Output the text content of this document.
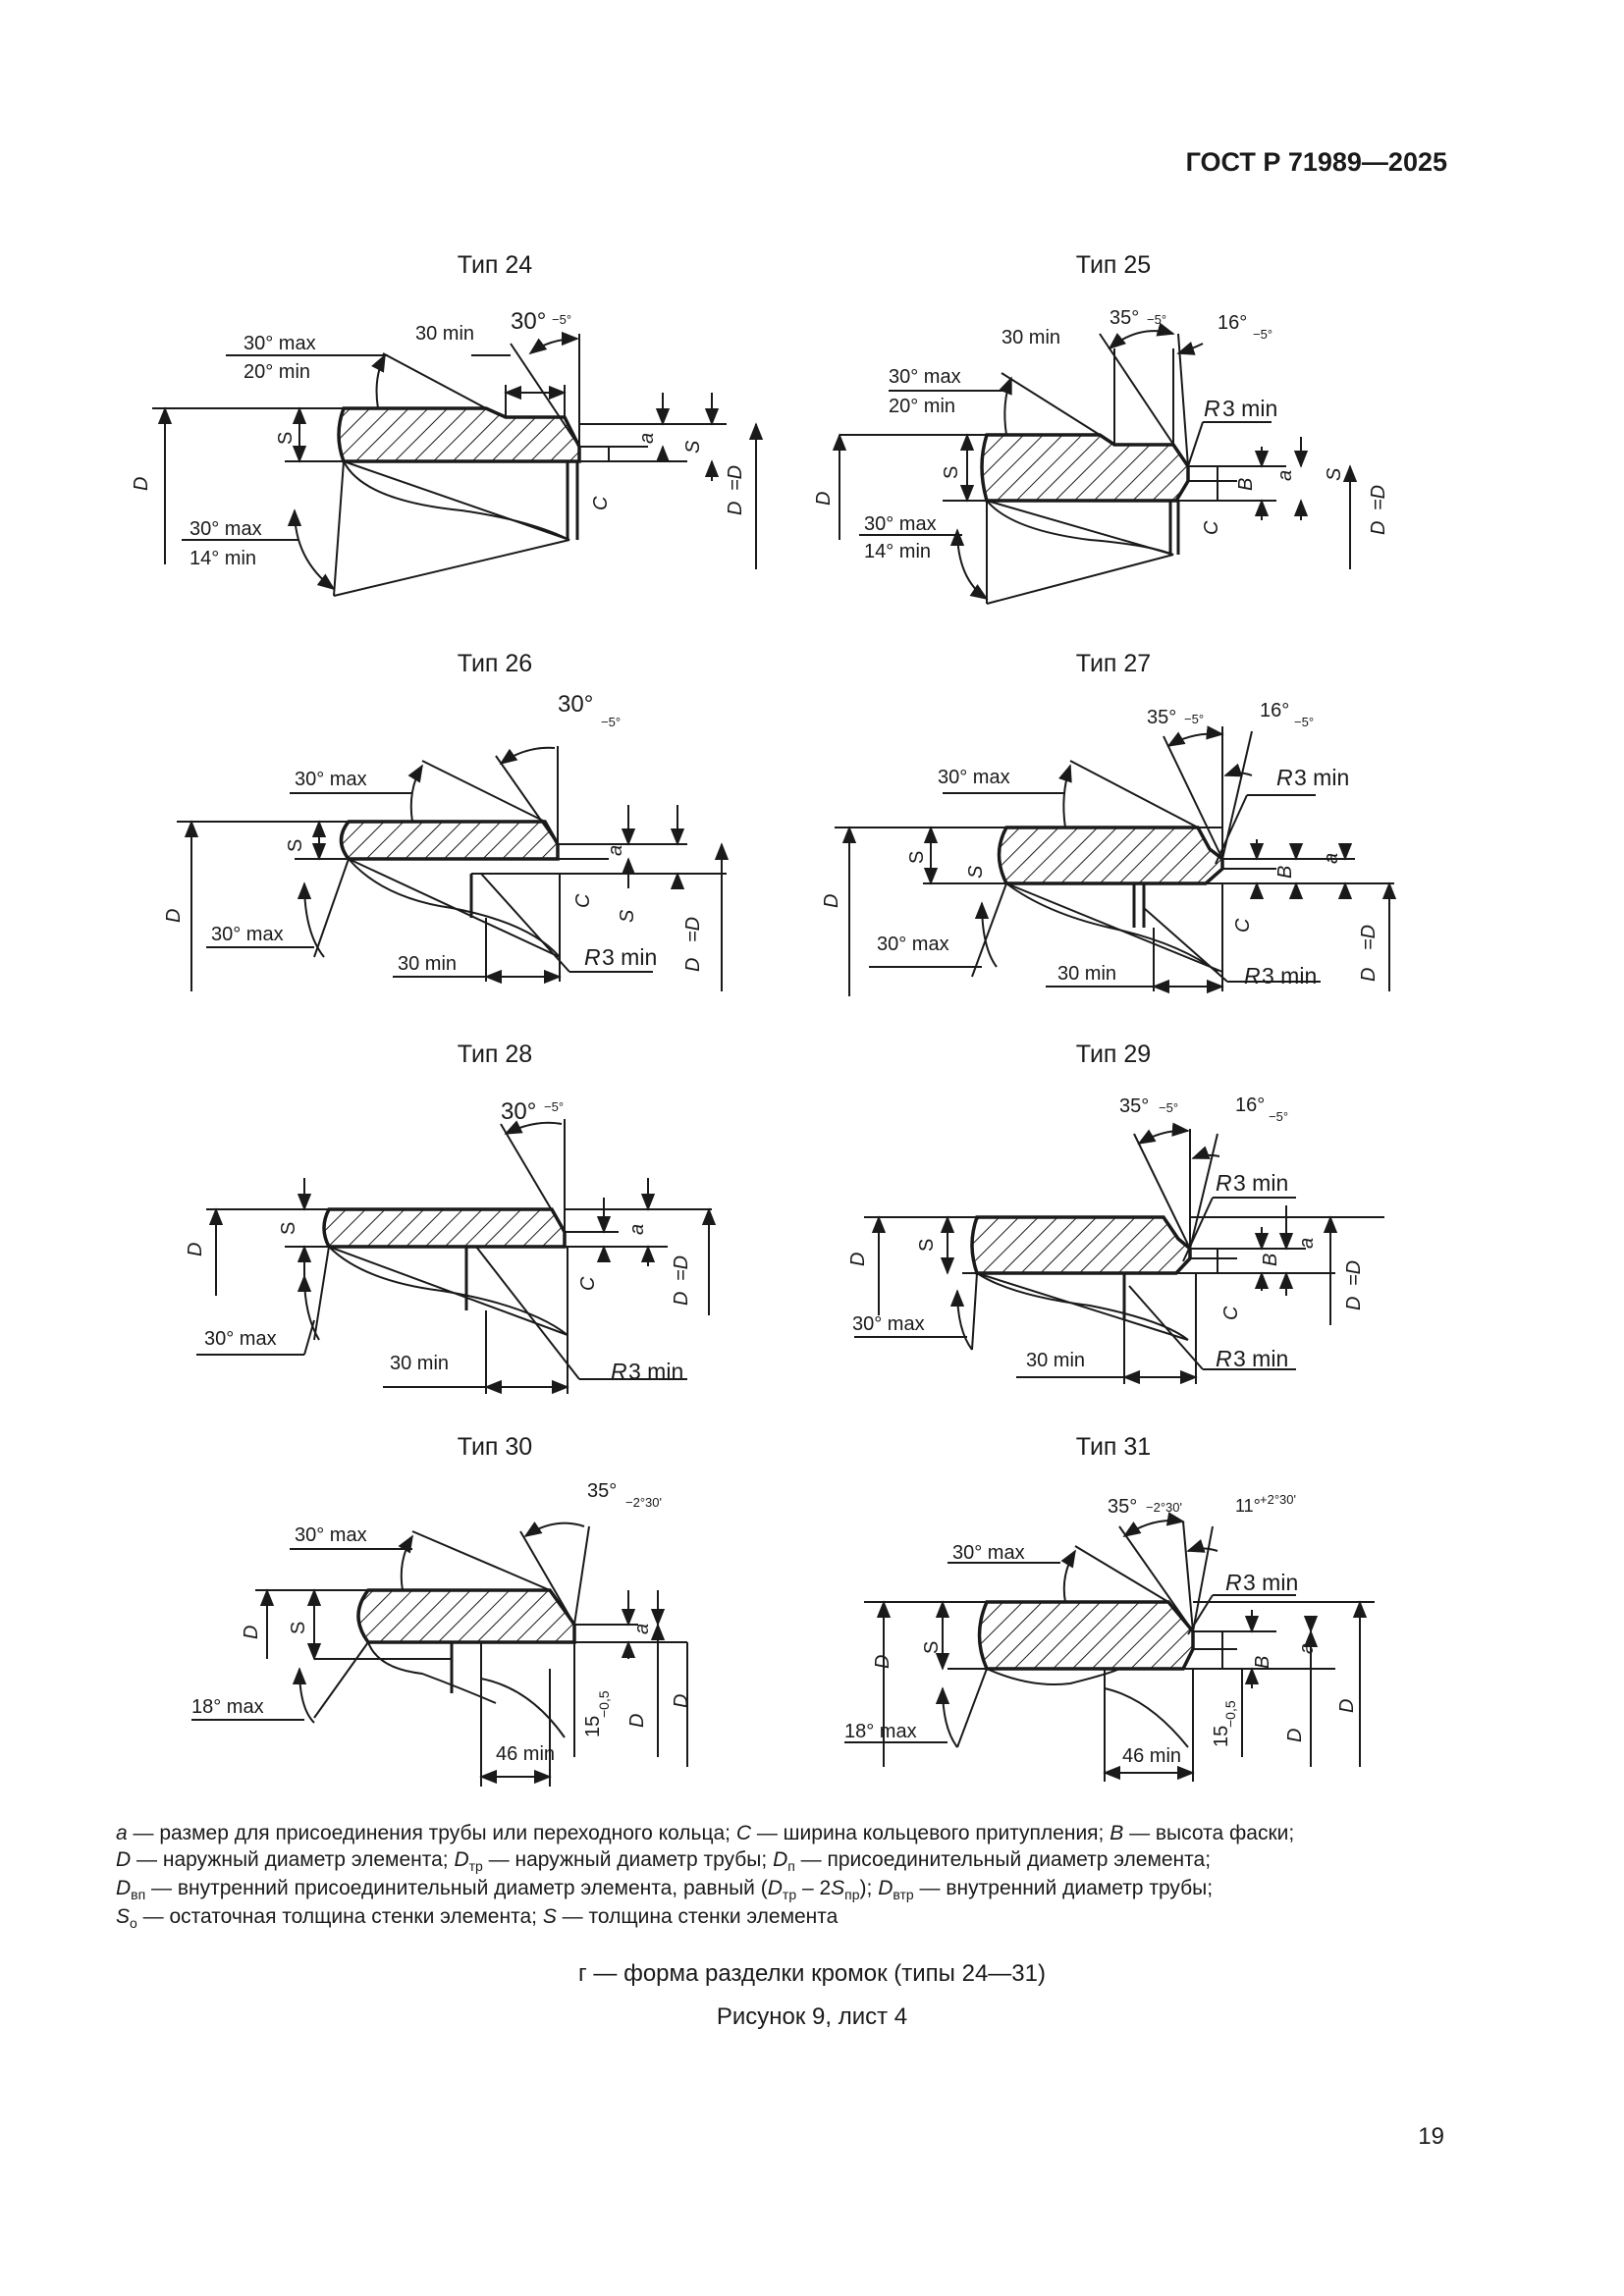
ГОСТ Р 71989—2025
Тип 24	Тип 25
Тип 26	Тип 27
Тип 28	Тип 29
Тип 30	Тип 31
30° max
20° min
30° max
14° min
30 min 30° −5°
D
S	a
S
C	D
=D
30 min
30° max
20° min
30° max
14° min
35° −5°	16°
−5°
R 3 min
D
S
B
a S
C	D
=D
30°
−5°
30° max
30° max
30 min	R 3 min
D
S	a
C
S
D
=D
35° −5°	16°
−5°
R 3 min
30° max
30° max
30 min	R 3 min
D
S
S	B
a
C
D
=D
30° −5°
30° max
30 min	R 3 min
D
S	a
C
D
=D
35° −5°	16°
−5°
R 3 min
30° max
30 min	R 3 min
D
S
B
a
C
D
=D
35°
−2°30'
30° max
18° max
46 min
D S	a
15
−0,5
D
D
35° −2°30'	11° +2°30'
R 3 min
30° max
18° max
46 min
D
S
B
a
15
−0,5
D
D
a — размер для присоединения трубы или переходного кольца; C — ширина кольцевого притупления; B — высота фаски;
D — наружный диаметр элемента; $D_{тр}$ — наружный диаметр трубы; $D_п$ — присоединительный диаметр элемента;
$D_{вп}$ — внутренний присоединительный диаметр элемента, равный $(D_{тр} - 2S_{пр})$; $D_{втр}$ — внутренний диаметр трубы;
$S_о$ — остаточная толщина стенки элемента; S — толщина стенки элемента
г — форма разделки кромок (типы 24—31)
Рисунок 9, лист 4
19
